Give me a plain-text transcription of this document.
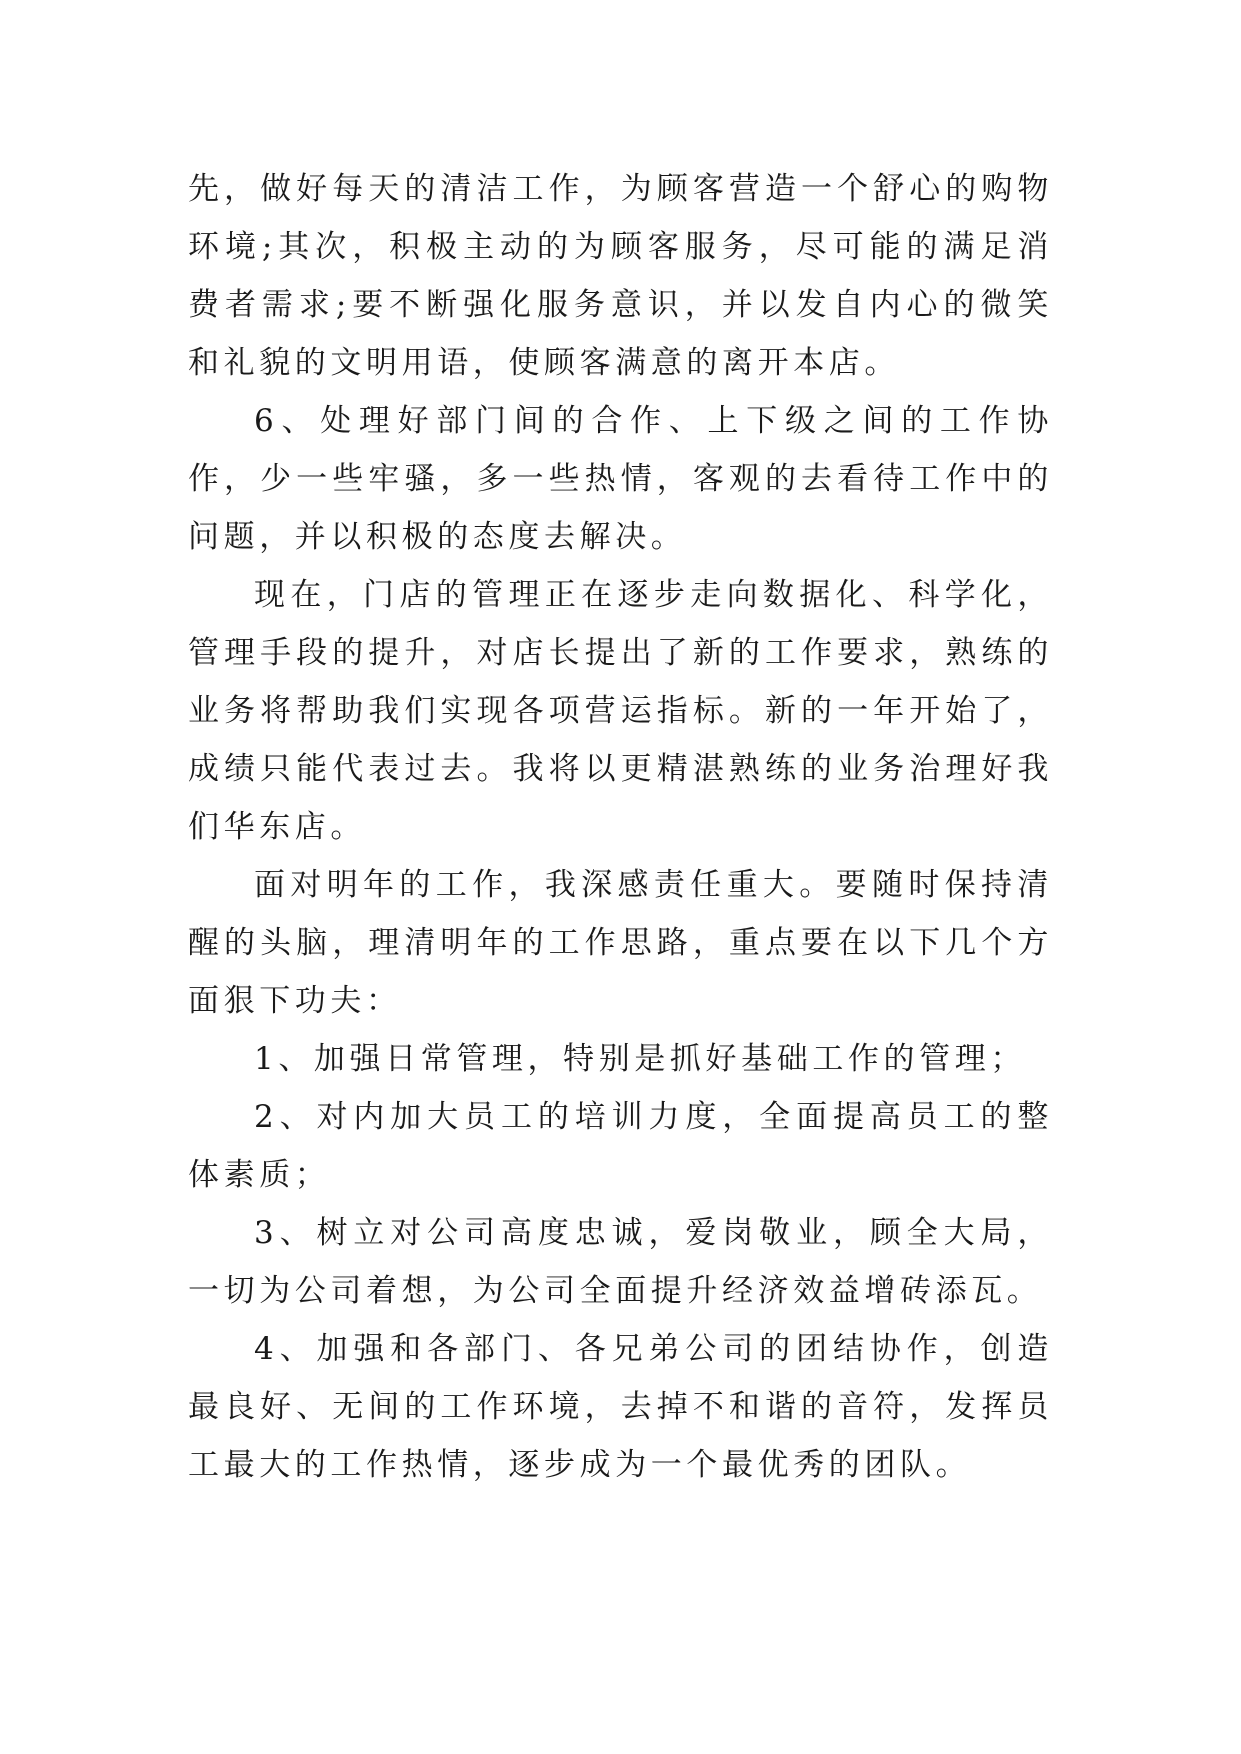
先，做好每天的清洁工作，为顾客营造一个舒心的购物环境;其次，积极主动的为顾客服务，尽可能的满足消费者需求;要不断强化服务意识，并以发自内心的微笑和礼貌的文明用语，使顾客满意的离开本店。

6、处理好部门间的合作、上下级之间的工作协作，少一些牢骚，多一些热情，客观的去看待工作中的问题，并以积极的态度去解决。

现在，门店的管理正在逐步走向数据化、科学化，管理手段的提升，对店长提出了新的工作要求，熟练的业务将帮助我们实现各项营运指标。新的一年开始了，成绩只能代表过去。我将以更精湛熟练的业务治理好我们华东店。

面对明年的工作，我深感责任重大。要随时保持清醒的头脑，理清明年的工作思路，重点要在以下几个方面狠下功夫：

1、加强日常管理，特别是抓好基础工作的管理；

2、对内加大员工的培训力度，全面提高员工的整体素质；

3、树立对公司高度忠诚，爱岗敬业，顾全大局，一切为公司着想，为公司全面提升经济效益增砖添瓦。

4、加强和各部门、各兄弟公司的团结协作，创造最良好、无间的工作环境，去掉不和谐的音符，发挥员工最大的工作热情，逐步成为一个最优秀的团队。
